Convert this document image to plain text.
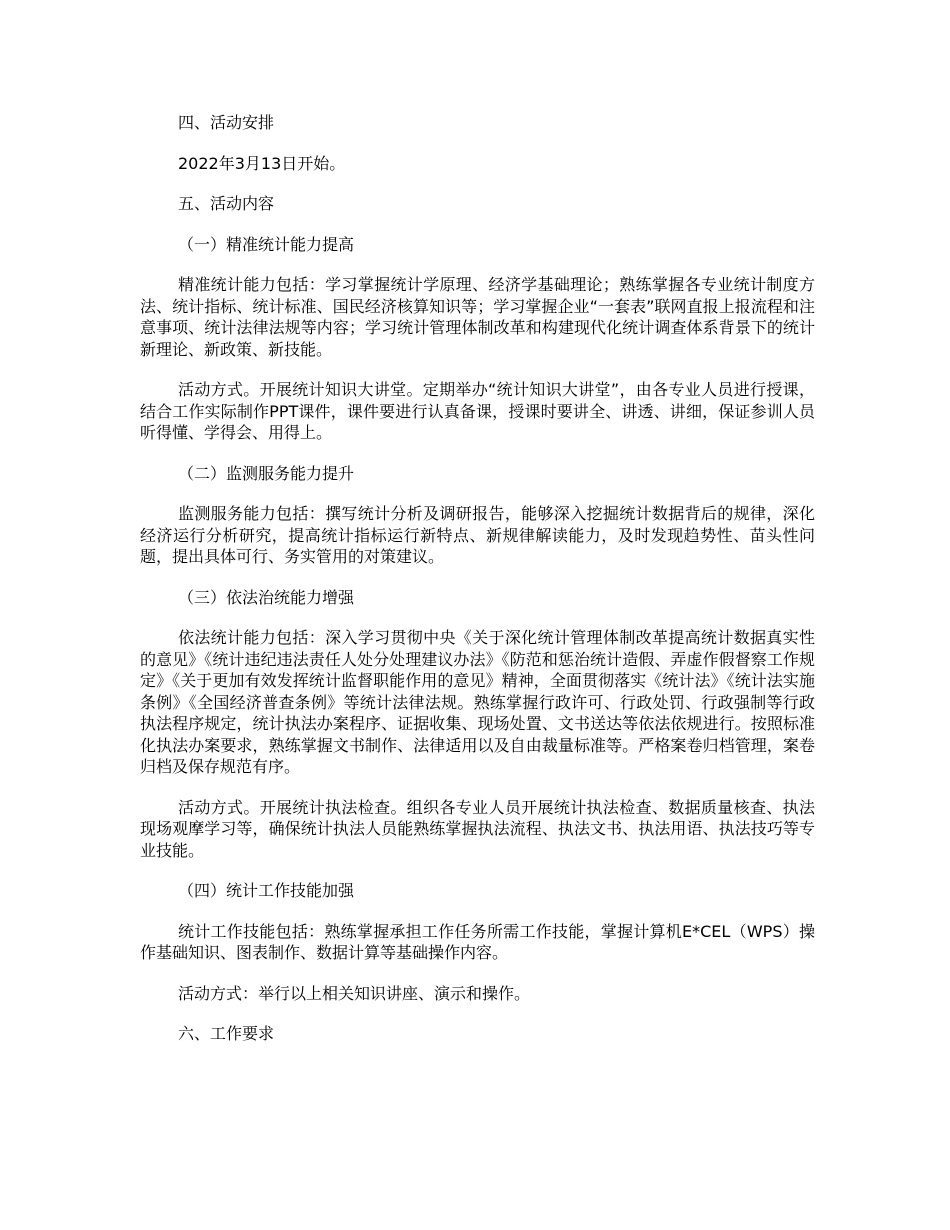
四、活动安排

2022年3月13日开始。

五、活动内容

（一）精准统计能力提高

精准统计能力包括：学习掌握统计学原理、经济学基础理论；熟练掌握各专业统计制度方法、统计指标、统计标准、国民经济核算知识等；学习掌握企业“一套表”联网直报上报流程和注意事项、统计法律法规等内容；学习统计管理体制改革和构建现代化统计调查体系背景下的统计新理论、新政策、新技能。

活动方式。开展统计知识大讲堂。定期举办“统计知识大讲堂”，由各专业人员进行授课，结合工作实际制作PPT课件，课件要进行认真备课，授课时要讲全、讲透、讲细，保证参训人员听得懂、学得会、用得上。

（二）监测服务能力提升

监测服务能力包括：撰写统计分析及调研报告，能够深入挖掘统计数据背后的规律，深化经济运行分析研究，提高统计指标运行新特点、新规律解读能力，及时发现趋势性、苗头性问题，提出具体可行、务实管用的对策建议。

（三）依法治统能力增强

依法统计能力包括：深入学习贯彻中央《关于深化统计管理体制改革提高统计数据真实性的意见》《统计违纪违法责任人处分处理建议办法》《防范和惩治统计造假、弄虚作假督察工作规定》《关于更加有效发挥统计监督职能作用的意见》精神，全面贯彻落实《统计法》《统计法实施条例》《全国经济普查条例》等统计法律法规。熟练掌握行政许可、行政处罚、行政强制等行政执法程序规定，统计执法办案程序、证据收集、现场处置、文书送达等依法依规进行。按照标准化执法办案要求，熟练掌握文书制作、法律适用以及自由裁量标准等。严格案卷归档管理，案卷归档及保存规范有序。

活动方式。开展统计执法检查。组织各专业人员开展统计执法检查、数据质量核查、执法现场观摩学习等，确保统计执法人员能熟练掌握执法流程、执法文书、执法用语、执法技巧等专业技能。

（四）统计工作技能加强

统计工作技能包括：熟练掌握承担工作任务所需工作技能，掌握计算机E*CEL（WPS）操作基础知识、图表制作、数据计算等基础操作内容。

活动方式：举行以上相关知识讲座、演示和操作。

六、工作要求
